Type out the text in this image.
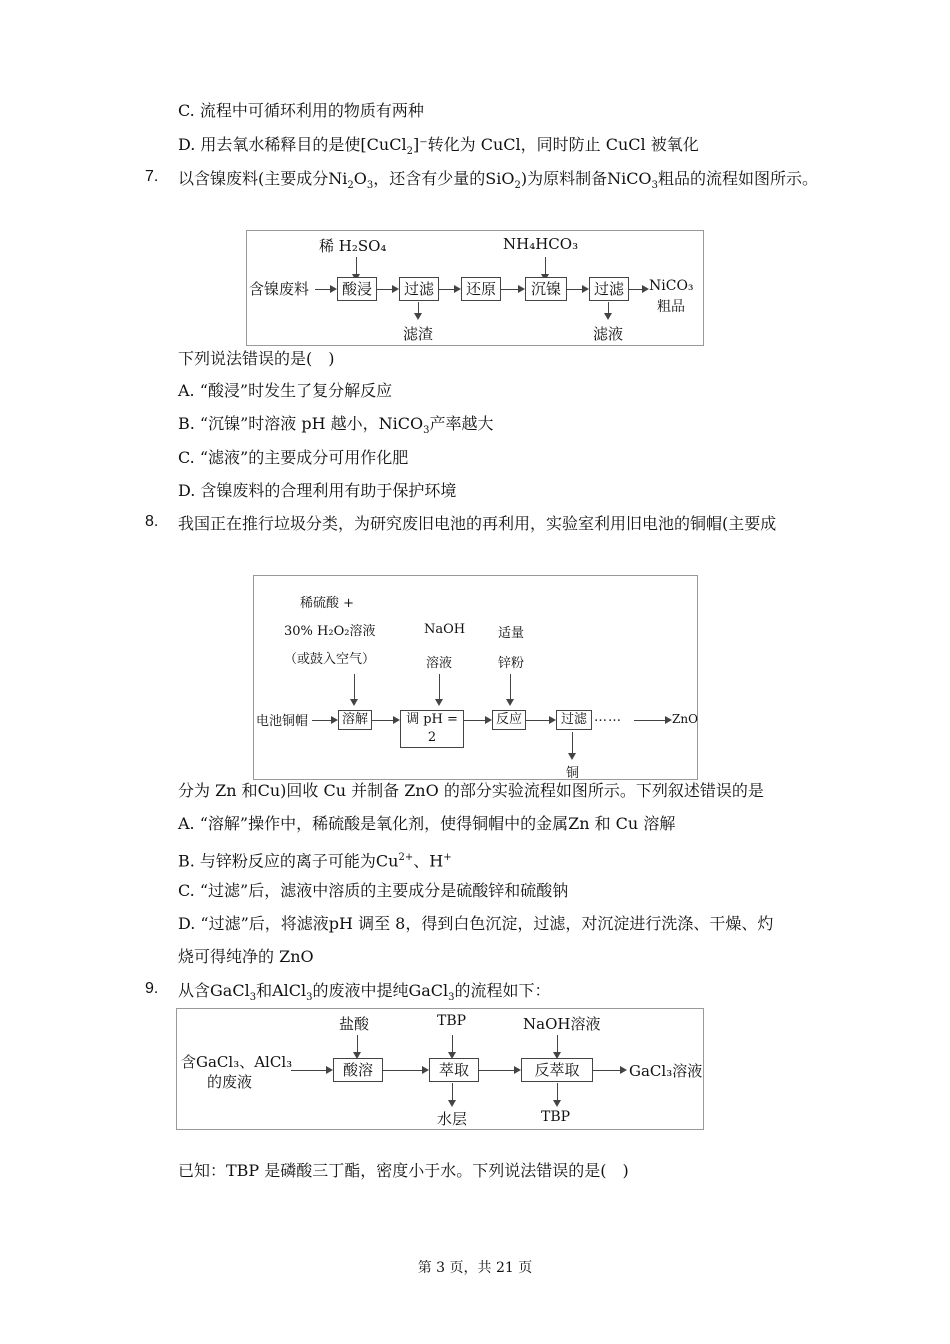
C. 流程中可循环利用的物质有两种
D. 用去氧水稀释目的是使[CuCl$_2$]⁻转化为 CuCl，同时防止 CuCl 被氧化
7. 以含镍废料(主要成分$Ni_2O_3$，还含有少量的SiO$_2$)为原料制备NiCO$_3$粗品的流程如图所示。
稀 H₂SO₄	NH₄HCO₃
含镍废料	酸浸	过滤	还原	沉镍	过滤	NiCO₃
粗品
滤渣	滤液
下列说法错误的是(　)
A. “酸浸”时发生了复分解反应
B. “沉镍”时溶液 pH 越小，NiCO$_3$产率越大
C. “滤液”的主要成分可用作化肥
D. 含镍废料的合理利用有助于保护环境
8. 我国正在推行垃圾分类，为研究废旧电池的再利用，实验室利用旧电池的铜帽(主要成
稀硫酸 +
30% H₂O₂溶液
（或鼓入空气）
NaOH
溶液
适量
锌粉
电池铜帽	溶解	调 pH = 2
反应	过滤 ……	ZnO
铜
分为 Zn 和Cu)回收 Cu 并制备 ZnO 的部分实验流程如图所示。下列叙述错误的是
A. “溶解”操作中，稀硫酸是氧化剂，使得铜帽中的金属Zn 和 Cu 溶解
B. 与锌粉反应的离子可能为$Cu^{2+}$、H+
C. “过滤”后，滤液中溶质的主要成分是硫酸锌和硫酸钠
D. “过滤”后，将滤液pH 调至 8，得到白色沉淀，过滤，对沉淀进行洗涤、干燥、灼
烧可得纯净的 ZnO
9. 从含GaCl$_3$和AlCl$_3$的废液中提纯GaCl$_3$的流程如下：
盐酸	TBP	NaOH溶液
含GaCl₃、AlCl₃
的废液
酸溶	萃取	反萃取	GaCl₃溶液
水层	TBP
已知：TBP 是磷酸三丁酯，密度小于水。下列说法错误的是(　)
第 3 页，共 21 页
